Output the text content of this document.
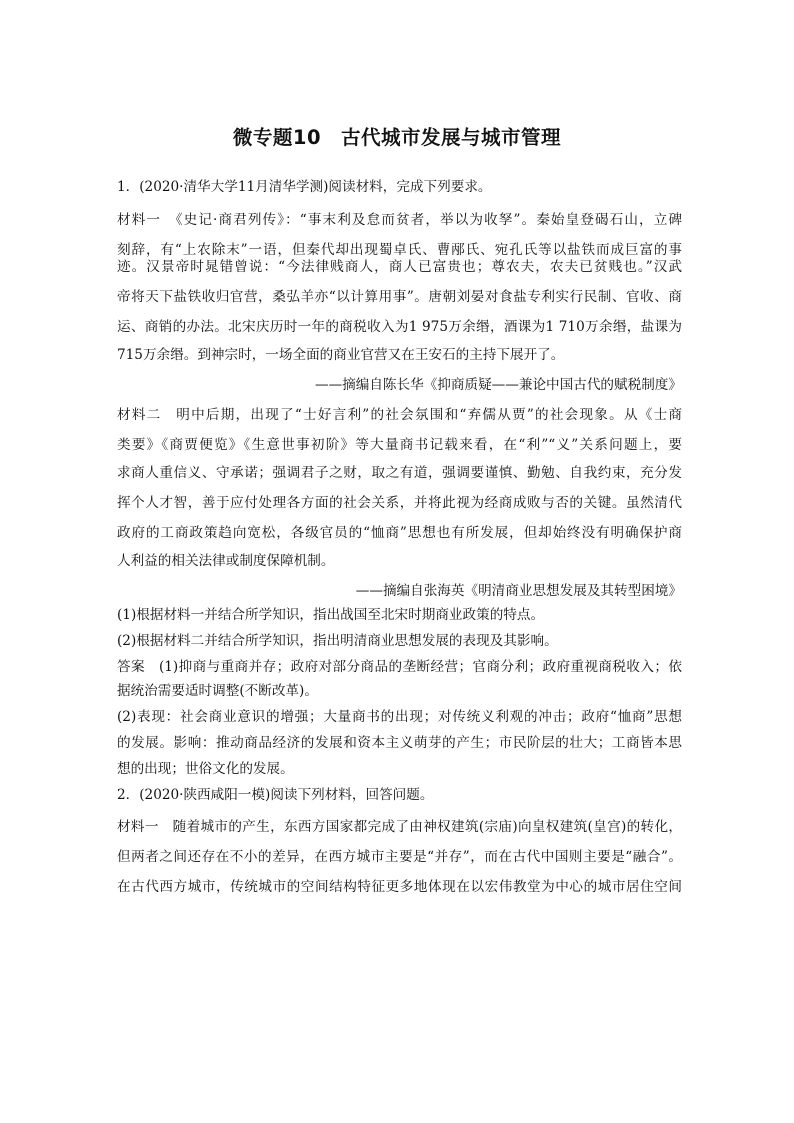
微专题10　古代城市发展与城市管理
1．(2020·清华大学11月清华学测)阅读材料，完成下列要求。
材料一　《史记·商君列传》：“事末利及怠而贫者，举以为收孥”。秦始皇登碣石山，立碑
刻辞，有“上农除末”一语，但秦代却出现蜀卓氏、曹邴氏、宛孔氏等以盐铁而成巨富的事
迹。汉景帝时晁错曾说：“今法律贱商人，商人已富贵也；尊农夫，农夫已贫贱也。”汉武
帝将天下盐铁收归官营，桑弘羊亦“以计算用事”。唐朝刘晏对食盐专利实行民制、官收、商
运、商销的办法。北宋庆历时一年的商税收入为1 975万余缗，酒课为1 710万余缗，盐课为
715万余缗。到神宗时，一场全面的商业官营又在王安石的主持下展开了。
——摘编自陈长华《抑商质疑——兼论中国古代的赋税制度》
材料二　明中后期，出现了“士好言利”的社会氛围和“弃儒从贾”的社会现象。从《士商
类要》《商贾便览》《生意世事初阶》等大量商书记载来看，在“利”“义”关系问题上，要
求商人重信义、守承诺；强调君子之财，取之有道，强调要谨慎、勤勉、自我约束，充分发
挥个人才智，善于应付处理各方面的社会关系，并将此视为经商成败与否的关键。虽然清代
政府的工商政策趋向宽松，各级官员的“恤商”思想也有所发展，但却始终没有明确保护商
人利益的相关法律或制度保障机制。
——摘编自张海英《明清商业思想发展及其转型困境》
(1)根据材料一并结合所学知识，指出战国至北宋时期商业政策的特点。
(2)根据材料二并结合所学知识，指出明清商业思想发展的表现及其影响。
答案　(1)抑商与重商并存；政府对部分商品的垄断经营；官商分利；政府重视商税收入；依
据统治需要适时调整(不断改革)。
(2)表现：社会商业意识的增强；大量商书的出现；对传统义利观的冲击；政府“恤商”思想
的发展。影响：推动商品经济的发展和资本主义萌芽的产生；市民阶层的壮大；工商皆本思
想的出现；世俗文化的发展。
2．(2020·陕西咸阳一模)阅读下列材料，回答问题。
材料一　随着城市的产生，东西方国家都完成了由神权建筑(宗庙)向皇权建筑(皇宫)的转化，
但两者之间还存在不小的差异，在西方城市主要是“并存”，而在古代中国则主要是“融合”。
在古代西方城市，传统城市的空间结构特征更多地体现在以宏伟教堂为中心的城市居住空间
